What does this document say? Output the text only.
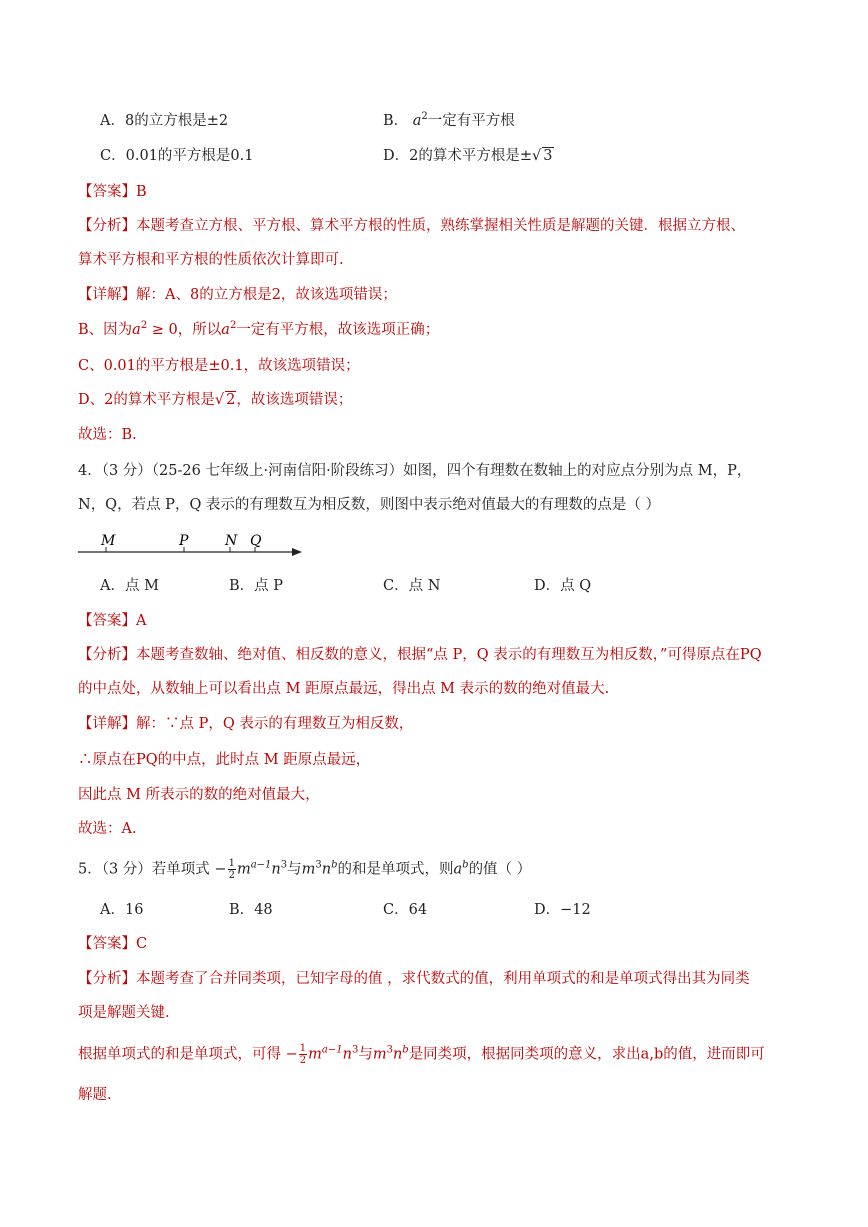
A．8的立方根是±2	B． $a^2$一定有平方根
C．0.01的平方根是0.1	D．2的算术平方根是±√ 3
【答案】B
【分析】本题考查立方根、平方根、算术平方根的性质，熟练掌握相关性质是解题的关键．根据立方根、
算术平方根和平方根的性质依次计算即可.
【详解】解：A、8的立方根是2，故该选项错误；
B、因为$a^2 \ge 0$，所以$a^2$一定有平方根，故该选项正确；
C、0.01的平方根是±0.1，故该选项错误；
D、2的算术平方根是√ 2，故该选项错误；
故选：B.
4．（3 分）（25-26 七年级上·河南信阳·阶段练习）如图，四个有理数在数轴上的对应点分别为点 M，P，
N，Q，若点 P，Q 表示的有理数互为相反数，则图中表示绝对值最大的有理数的点是（ ）
M	P	N Q
A．点 M	B．点 P	C．点 N	D．点 Q
【答案】A
【分析】本题考查数轴、绝对值、相反数的意义，根据“点 P，Q 表示的有理数互为相反数，”可得原点在PQ
的中点处，从数轴上可以看出点 M 距原点最远，得出点 M 表示的数的绝对值最大.
【详解】解：∵点 P，Q 表示的有理数互为相反数，
∴原点在PQ的中点，此时点 M 距原点最远，
因此点 M 所表示的数的绝对值最大，
故选：A.
5．（3 分）若单项式 − $\frac{1}{2} m^{a-1}n^3$与$m^3n^b$的和是单项式，则$a^b$的值（ ）
A．16	B．48	C．64	D．−12
【答案】C
【分析】本题考查了合并同类项，已知字母的值 ，求代数式的值，利用单项式的和是单项式得出其为同类
项是解题关键.
根据单项式的和是单项式，可得 − $\frac{1}{2} m^{a-1}n^3$与$m^3n^b$是同类项，根据同类项的意义，求出a,b的值，进而即可
解题.
